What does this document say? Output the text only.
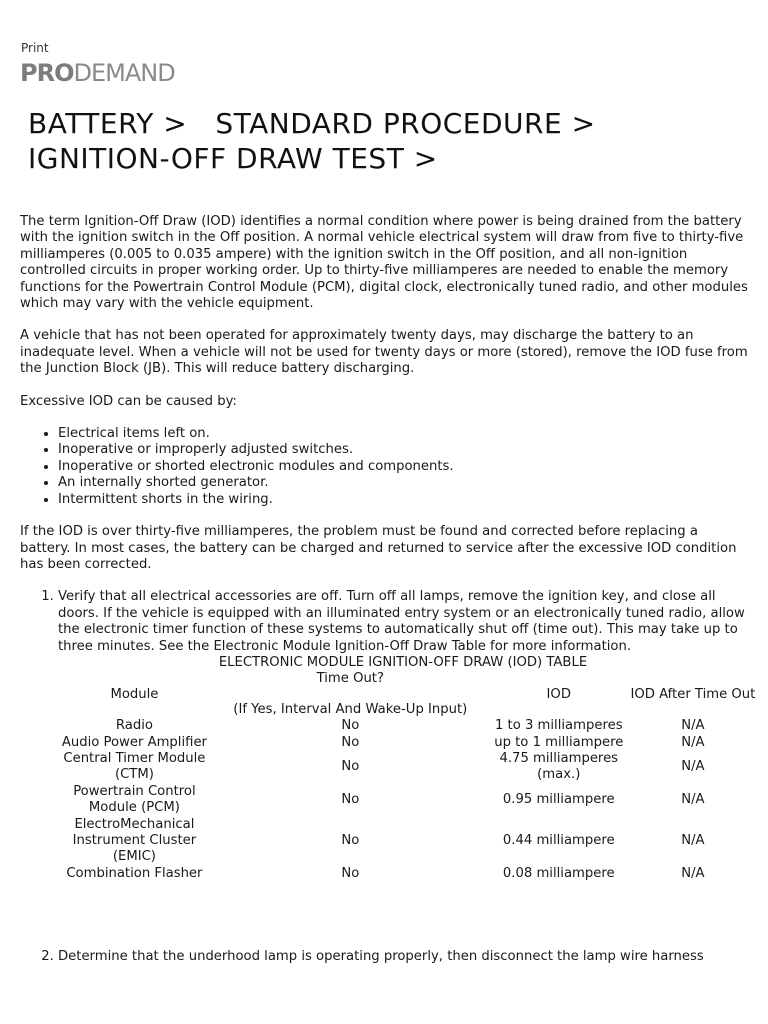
Print
PRODEMAND
BATTERY >   STANDARD PROCEDURE >
IGNITION-OFF DRAW TEST >

The term Ignition-Off Draw (IOD) identifies a normal condition where power is being drained from the battery with the ignition switch in the Off position. A normal vehicle electrical system will draw from five to thirty-five milliamperes (0.005 to 0.035 ampere) with the ignition switch in the Off position, and all non-ignition controlled circuits in proper working order. Up to thirty-five milliamperes are needed to enable the memory functions for the Powertrain Control Module (PCM), digital clock, electronically tuned radio, and other modules which may vary with the vehicle equipment.

A vehicle that has not been operated for approximately twenty days, may discharge the battery to an inadequate level. When a vehicle will not be used for twenty days or more (stored), remove the IOD fuse from the Junction Block (JB). This will reduce battery discharging.

Excessive IOD can be caused by:

• Electrical items left on.
• Inoperative or improperly adjusted switches.
• Inoperative or shorted electronic modules and components.
• An internally shorted generator.
• Intermittent shorts in the wiring.

If the IOD is over thirty-five milliamperes, the problem must be found and corrected before replacing a battery. In most cases, the battery can be charged and returned to service after the excessive IOD condition has been corrected.

1. Verify that all electrical accessories are off. Turn off all lamps, remove the ignition key, and close all doors. If the vehicle is equipped with an illuminated entry system or an electronically tuned radio, allow the electronic timer function of these systems to automatically shut off (time out). This may take up to three minutes. See the Electronic Module Ignition-Off Draw Table for more information.
ELECTRONIC MODULE IGNITION-OFF DRAW (IOD) TABLE
Module	Time Out?
(If Yes, Interval And Wake-Up Input)	IOD	IOD After Time Out
Radio	No	1 to 3 milliamperes	N/A
Audio Power Amplifier	No	up to 1 milliampere	N/A
Central Timer Module (CTM)	No	4.75 milliamperes (max.)	N/A
Powertrain Control Module (PCM)	No	0.95 milliampere	N/A
ElectroMechanical Instrument Cluster (EMIC)	No	0.44 milliampere	N/A
Combination Flasher	No	0.08 milliampere	N/A
2. Determine that the underhood lamp is operating properly, then disconnect the lamp wire harness
